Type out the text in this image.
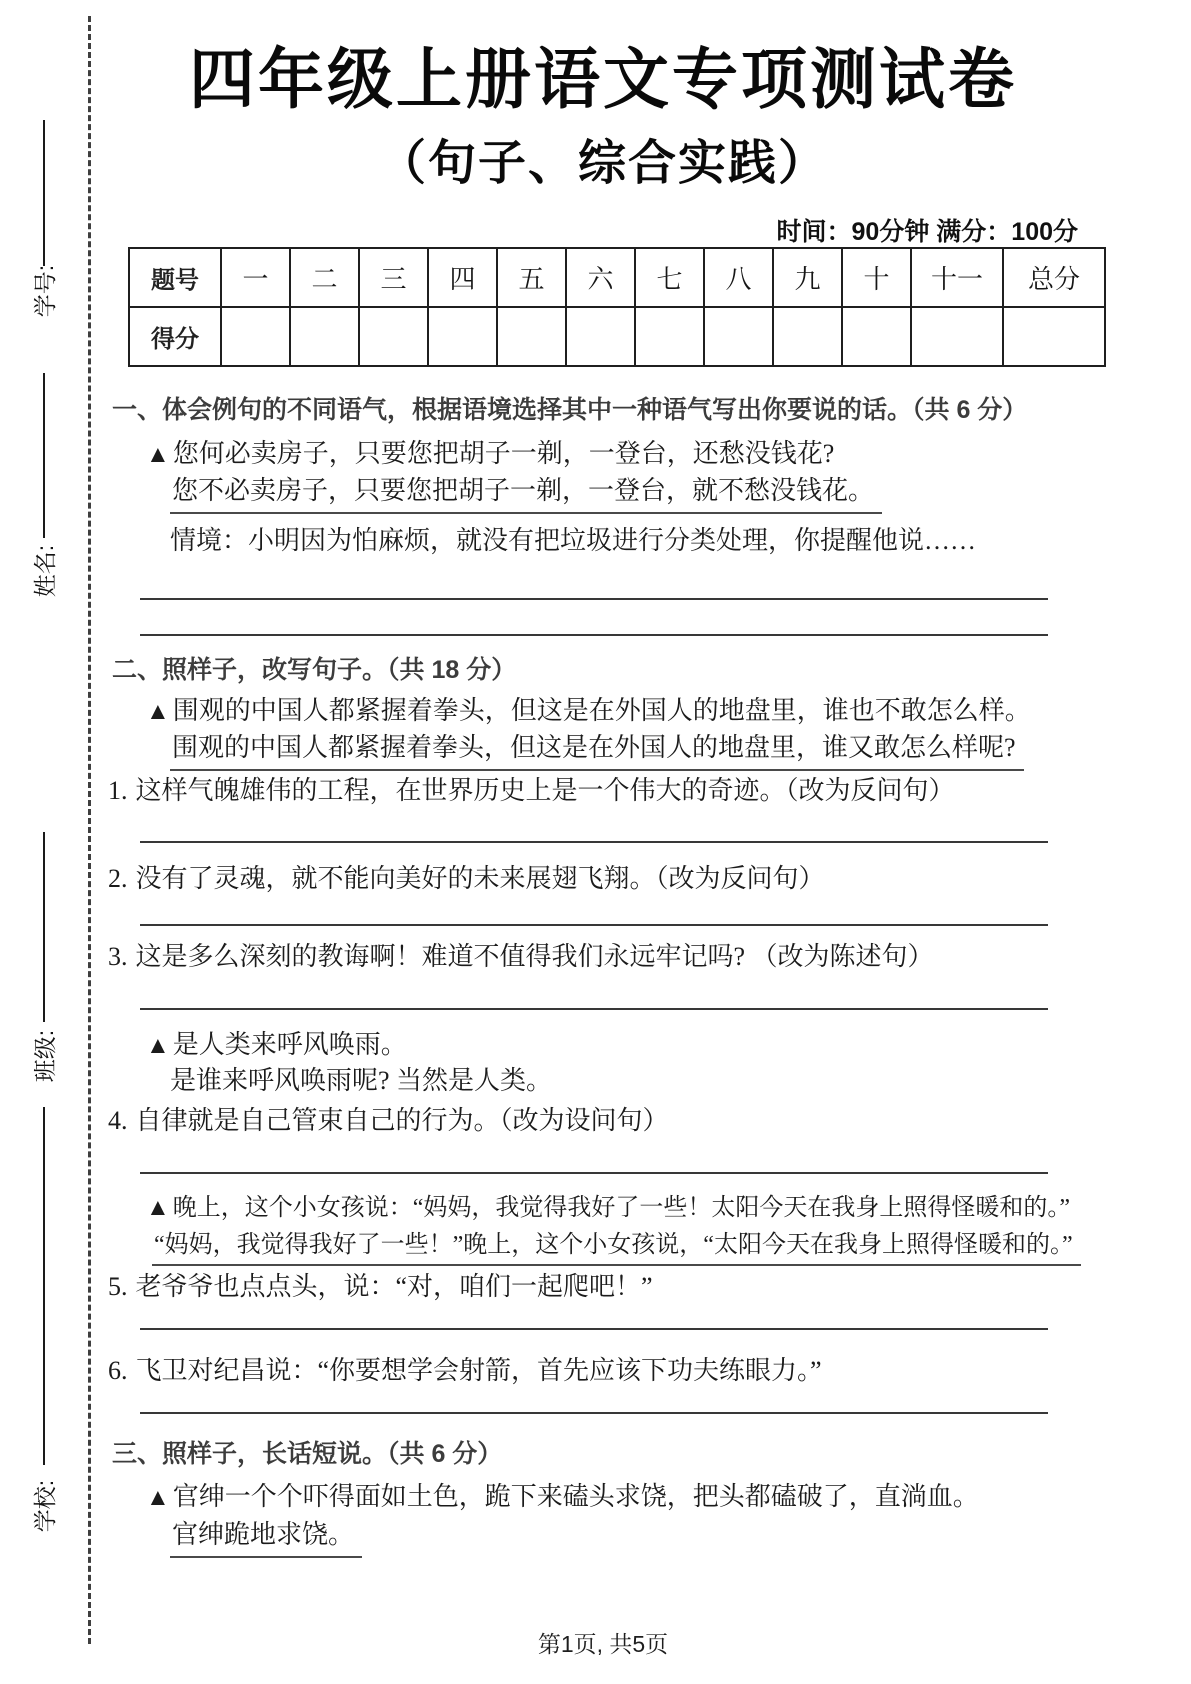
学号:
姓名:
班级:
学校:
四年级上册语文专项测试卷
（句子、综合实践）
时间：90分钟 满分：100分
题号	一	二	三	四	五	六	七	八	九	十	十一	总分
得分												
一、体会例句的不同语气，根据语境选择其中一种语气写出你要说的话。（共 6 分）
▲ 您何必卖房子，只要您把胡子一剃，一登台，还愁没钱花?
您不必卖房子，只要您把胡子一剃，一登台，就不愁没钱花。
情境：小明因为怕麻烦，就没有把垃圾进行分类处理，你提醒他说……
二、照样子，改写句子。（共 18 分）
▲ 围观的中国人都紧握着拳头，但这是在外国人的地盘里，谁也不敢怎么样。
围观的中国人都紧握着拳头，但这是在外国人的地盘里，谁又敢怎么样呢?
1. 这样气魄雄伟的工程，在世界历史上是一个伟大的奇迹。（改为反问句）
2. 没有了灵魂，就不能向美好的未来展翅飞翔。（改为反问句）
3. 这是多么深刻的教诲啊！难道不值得我们永远牢记吗? （改为陈述句）
▲ 是人类来呼风唤雨。
是谁来呼风唤雨呢? 当然是人类。
4. 自律就是自己管束自己的行为。（改为设问句）
▲ 晚上，这个小女孩说：“妈妈，我觉得我好了一些！太阳今天在我身上照得怪暖和的。”
“妈妈，我觉得我好了一些！”晚上，这个小女孩说，“太阳今天在我身上照得怪暖和的。”
5. 老爷爷也点点头，说：“对，咱们一起爬吧！”
6. 飞卫对纪昌说：“你要想学会射箭，首先应该下功夫练眼力。”
三、照样子，长话短说。（共 6 分）
▲ 官绅一个个吓得面如土色，跪下来磕头求饶，把头都磕破了，直淌血。
官绅跪地求饶。
第1页, 共5页
